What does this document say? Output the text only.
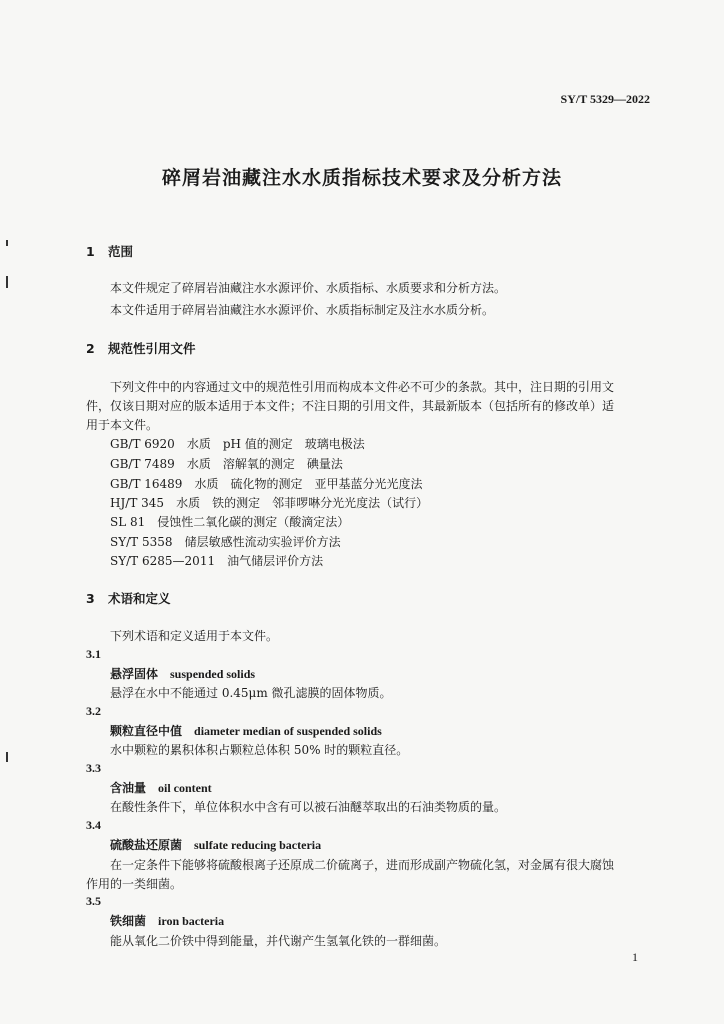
SY/T 5329—2022
碎屑岩油藏注水水质指标技术要求及分析方法
1 范围
本文件规定了碎屑岩油藏注水水源评价、水质指标、水质要求和分析方法。
本文件适用于碎屑岩油藏注水水源评价、水质指标制定及注水水质分析。
2 规范性引用文件
下列文件中的内容通过文中的规范性引用而构成本文件必不可少的条款。其中，注日期的引用文
件，仅该日期对应的版本适用于本文件；不注日期的引用文件，其最新版本（包括所有的修改单）适
用于本文件。
GB/T 6920　 水质　pH 值的测定　玻璃电极法
GB/T 7489　 水质　溶解氧的测定　碘量法
GB/T 16489　 水质　硫化物的测定　亚甲基蓝分光光度法
HJ/T 345　 水质　铁的测定　邻菲啰啉分光光度法（试行）
SL 81　 侵蚀性二氧化碳的测定（酸滴定法）
SY/T 5358　 储层敏感性流动实验评价方法
SY/T 6285—2011　 油气储层评价方法
3 术语和定义
下列术语和定义适用于本文件。
3.1
悬浮固体 suspended solids
悬浮在水中不能通过 0.45μm 微孔滤膜的固体物质。
3.2
颗粒直径中值 diameter median of suspended solids
水中颗粒的累积体积占颗粒总体积 50% 时的颗粒直径。
3.3
含油量 oil content
在酸性条件下，单位体积水中含有可以被石油醚萃取出的石油类物质的量。
3.4
硫酸盐还原菌 sulfate reducing bacteria
在一定条件下能够将硫酸根离子还原成二价硫离子，进而形成副产物硫化氢，对金属有很大腐蚀
作用的一类细菌。
3.5
铁细菌 iron bacteria
能从氧化二价铁中得到能量，并代谢产生氢氧化铁的一群细菌。
1
